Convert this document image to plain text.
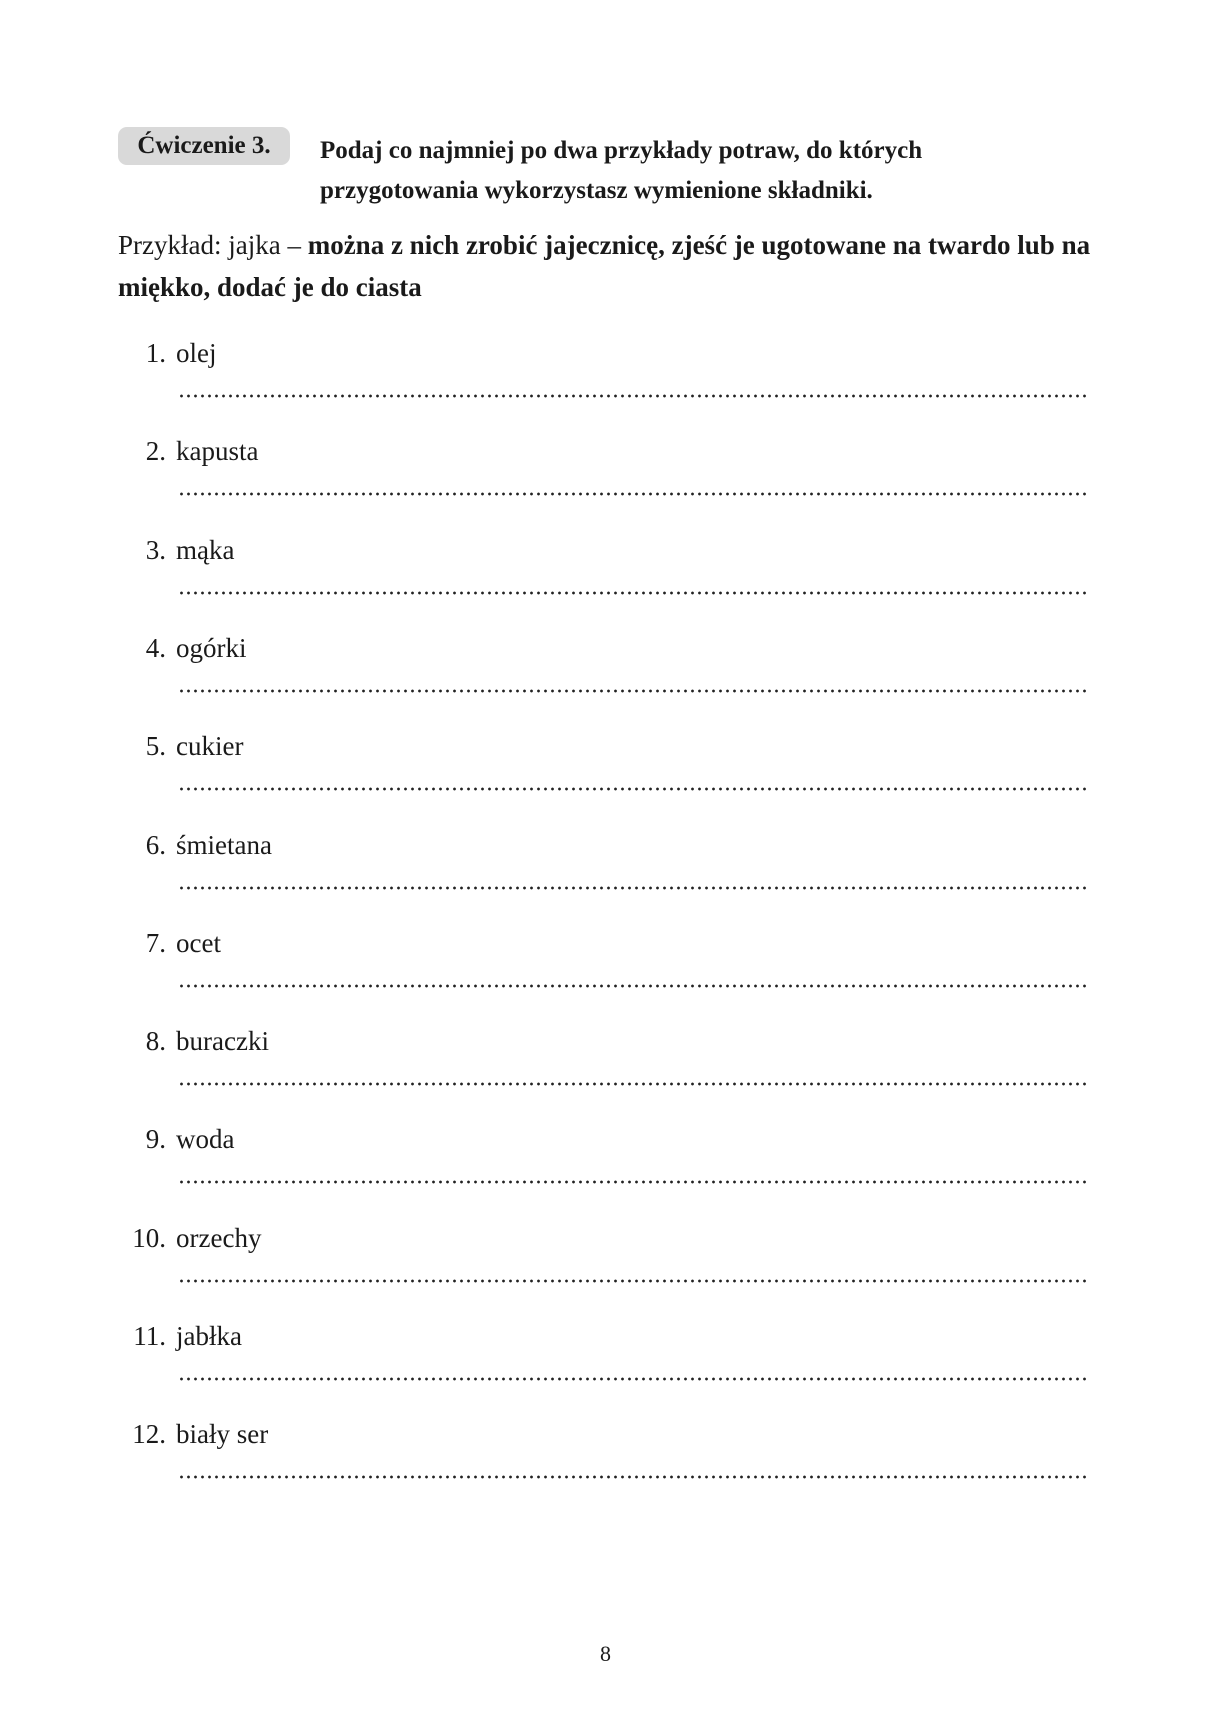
Ćwiczenie 3.	Podaj co najmniej po dwa przykłady potraw, do których
przygotowania wykorzystasz wymienione składniki.
Przykład: jajka – można z nich zrobić jajecznicę, zjeść je ugotowane na twardo lub na miękko, dodać je do ciasta
1. olej
2. kapusta
3. mąka
4. ogórki
5. cukier
6. śmietana
7. ocet
8. buraczki
9. woda
10. orzechy
11. jabłka
12. biały ser
8
